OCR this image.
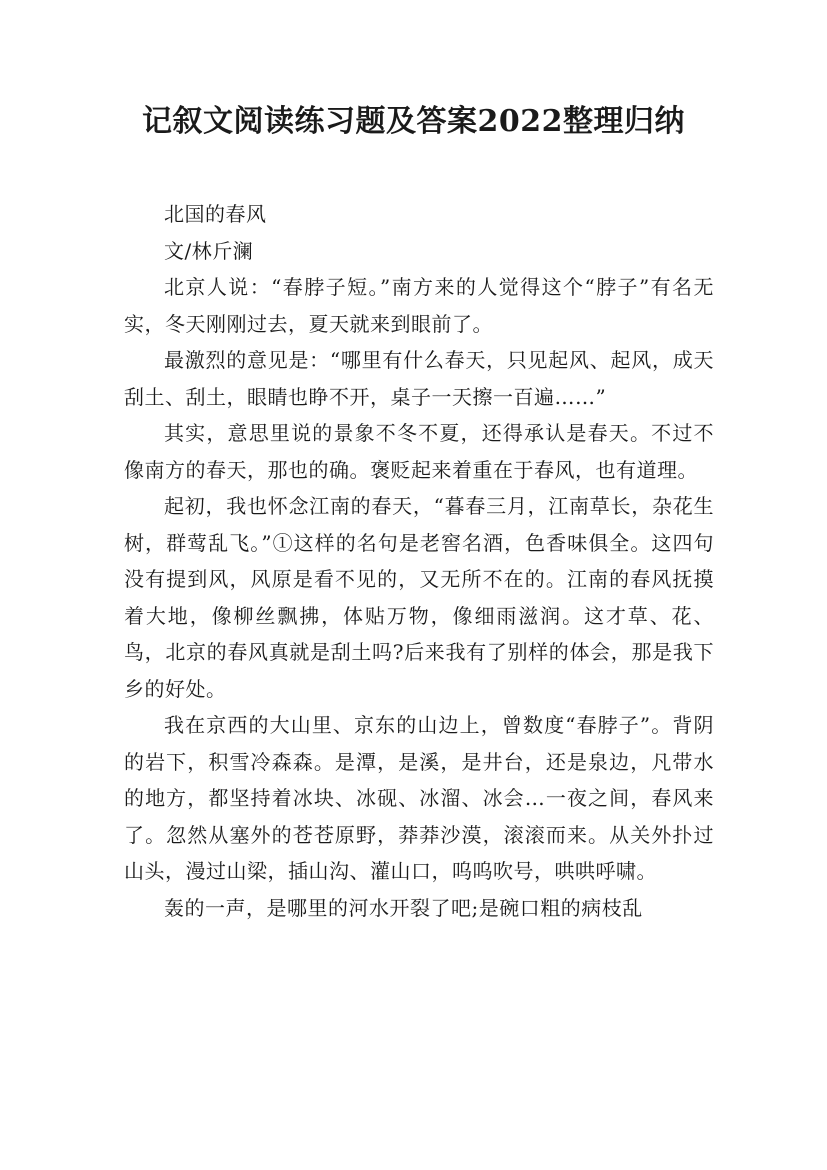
记叙文阅读练习题及答案2022整理归纳

北国的春风

文/林斤澜

北京人说：“春脖子短。”南方来的人觉得这个“脖子”有名无实，冬天刚刚过去，夏天就来到眼前了。

最激烈的意见是：“哪里有什么春天，只见起风、起风，成天刮土、刮土，眼睛也睁不开，桌子一天擦一百遍……”

其实，意思里说的景象不冬不夏，还得承认是春天。不过不像南方的春天，那也的确。褒贬起来着重在于春风，也有道理。

起初，我也怀念江南的春天，“暮春三月，江南草长，杂花生树，群莺乱飞。”①这样的名句是老窖名酒，色香味俱全。这四句没有提到风，风原是看不见的，又无所不在的。江南的春风抚摸着大地，像柳丝飘拂，体贴万物，像细雨滋润。这才草、花、鸟，北京的春风真就是刮土吗?后来我有了别样的体会，那是我下乡的好处。

我在京西的大山里、京东的山边上，曾数度“春脖子”。背阴的岩下，积雪冷森森。是潭，是溪，是井台，还是泉边，凡带水的地方，都坚持着冰块、冰砚、冰溜、冰会…一夜之间，春风来了。忽然从塞外的苍苍原野，莽莽沙漠，滚滚而来。从关外扑过山头，漫过山梁，插山沟、灌山口，呜呜吹号，哄哄呼啸。

轰的一声，是哪里的河水开裂了吧;是碗口粗的病枝乱
